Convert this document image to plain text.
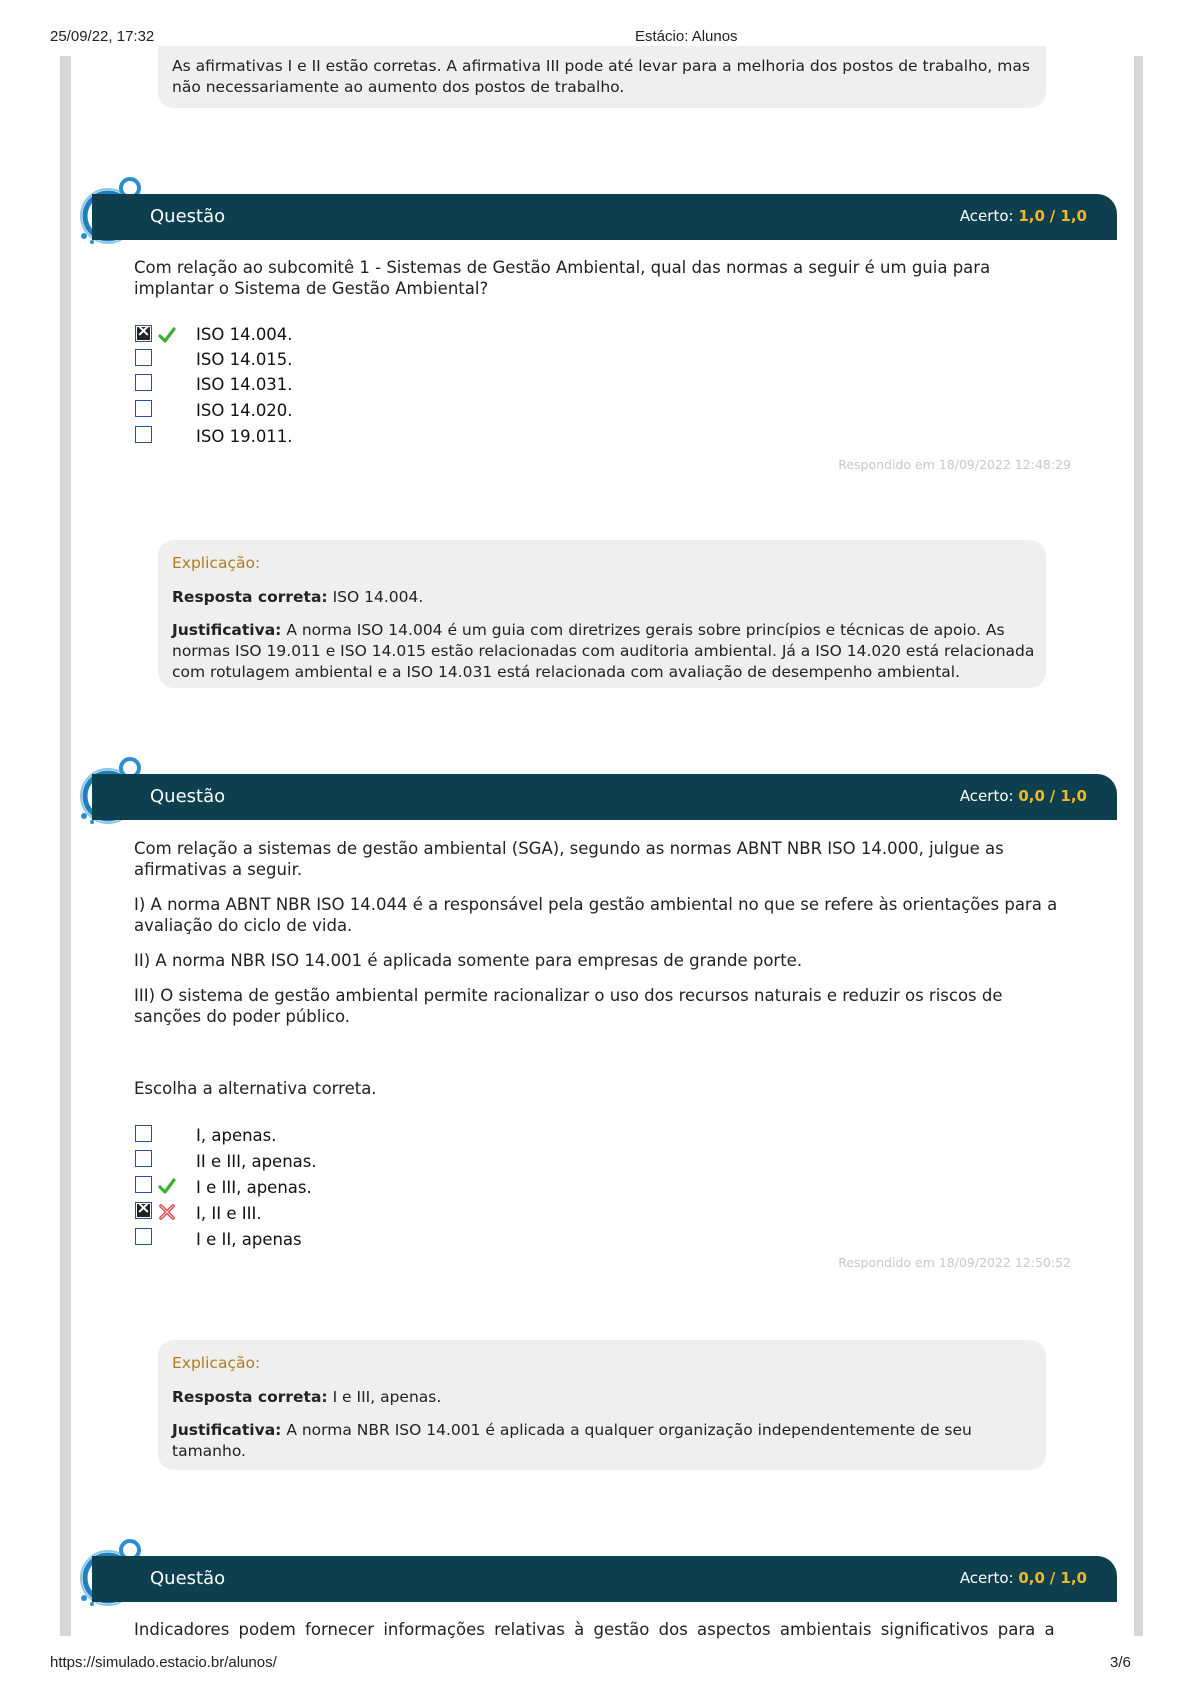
25/09/22, 17:32	Estácio: Alunos
As afirmativas I e II estão corretas. A afirmativa III pode até levar para a melhoria dos postos de trabalho, mas não necessariamente ao aumento dos postos de trabalho.
Acerto: 1,0 / 1,0
Questão
Com relação ao subcomitê 1 - Sistemas de Gestão Ambiental, qual das normas a seguir é um guia para implantar o Sistema de Gestão Ambiental?
×
ISO 14.004.
ISO 14.015.
ISO 14.031.
ISO 14.020.
ISO 19.011.
Respondido em 18/09/2022 12:48:29
Explicação:
Resposta correta: ISO 14.004.
Justificativa: A norma ISO 14.004 é um guia com diretrizes gerais sobre princípios e técnicas de apoio. As normas ISO 19.011 e ISO 14.015 estão relacionadas com auditoria ambiental. Já a ISO 14.020 está relacionada com rotulagem ambiental e a ISO 14.031 está relacionada com avaliação de desempenho ambiental.
Acerto: 0,0 / 1,0
Questão
Com relação a sistemas de gestão ambiental (SGA), segundo as normas ABNT NBR ISO 14.000, julgue as afirmativas a seguir.
I) A norma ABNT NBR ISO 14.044 é a responsável pela gestão ambiental no que se refere às orientações para a avaliação do ciclo de vida.
II) A norma NBR ISO 14.001 é aplicada somente para empresas de grande porte.
III) O sistema de gestão ambiental permite racionalizar o uso dos recursos naturais e reduzir os riscos de sanções do poder público.
Escolha a alternativa correta.
I, apenas.
II e III, apenas.
I e III, apenas.
×
I, II e III.
I e II, apenas
Respondido em 18/09/2022 12:50:52
Explicação:
Resposta correta: I e III, apenas.
Justificativa: A norma NBR ISO 14.001 é aplicada a qualquer organização independentemente de seu tamanho.
Acerto: 0,0 / 1,0
Questão
Indicadores podem fornecer informações relativas à gestão dos aspectos ambientais significativos para a
https://simulado.estacio.br/alunos/	3/6
